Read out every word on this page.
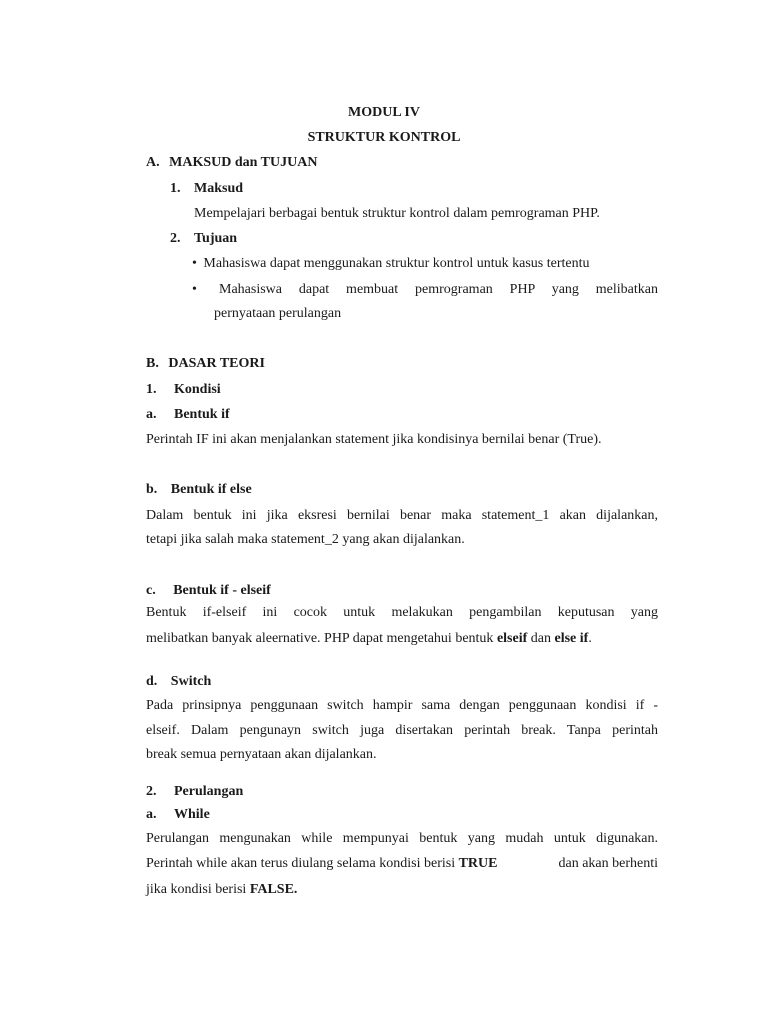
MODUL IV
STRUKTUR KONTROL
A. MAKSUD dan TUJUAN
1. Maksud
Mempelajari berbagai bentuk struktur kontrol dalam pemrograman PHP.
2. Tujuan
• Mahasiswa dapat menggunakan struktur kontrol untuk kasus tertentu
• Mahasiswa dapat membuat pemrograman PHP yang melibatkan
pernyataan perulangan
B. DASAR TEORI
1. Kondisi
a. Bentuk if
Perintah IF ini akan menjalankan statement jika kondisinya bernilai benar (True).
b. Bentuk if else
Dalam bentuk ini jika eksresi bernilai benar maka statement_1 akan dijalankan,
tetapi jika salah maka statement_2 yang akan dijalankan.
c. Bentuk if - elseif
Bentuk if-elseif ini cocok untuk melakukan pengambilan keputusan yang
melibatkan banyak aleernative. PHP dapat mengetahui bentuk elseif dan else if.
d. Switch
Pada prinsipnya penggunaan switch hampir sama dengan penggunaan kondisi if -
elseif. Dalam pengunayn switch juga disertakan perintah break. Tanpa perintah
break semua pernyataan akan dijalankan.
2. Perulangan
a. While
Perulangan mengunakan while mempunyai bentuk yang mudah untuk digunakan.
Perintah while akan terus diulang selama kondisi berisi TRUE	dan akan berhenti
jika kondisi berisi FALSE.
